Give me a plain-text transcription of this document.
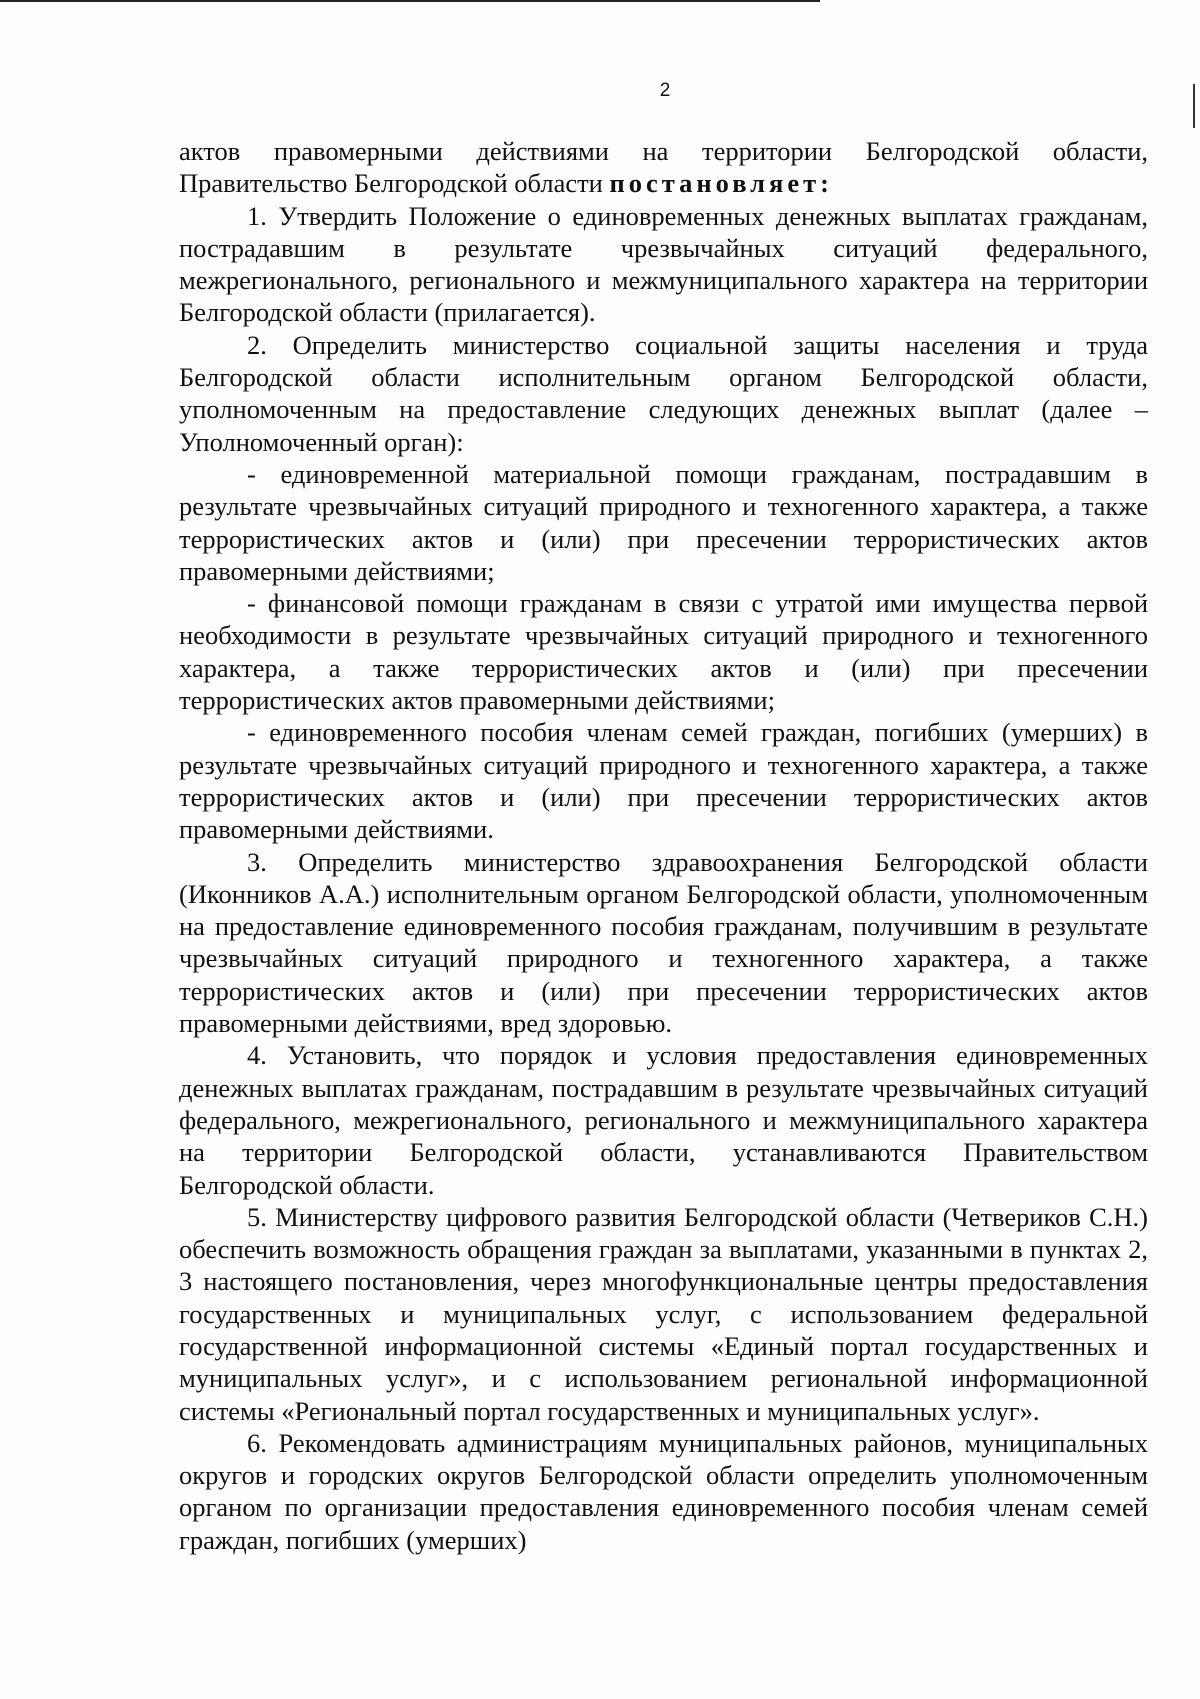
2

актов правомерными действиями на территории Белгородской области, Правительство Белгородской области постановляет:

1. Утвердить Положение о единовременных денежных выплатах гражданам, пострадавшим в результате чрезвычайных ситуаций федерального, межрегионального, регионального и межмуниципального характера на территории Белгородской области (прилагается).

2. Определить министерство социальной защиты населения и труда Белгородской области исполнительным органом Белгородской области, уполномоченным на предоставление следующих денежных выплат (далее – Уполномоченный орган):

- единовременной материальной помощи гражданам, пострадавшим в результате чрезвычайных ситуаций природного и техногенного характера, а также террористических актов и (или) при пресечении террористических актов правомерными действиями;

- финансовой помощи гражданам в связи с утратой ими имущества первой необходимости в результате чрезвычайных ситуаций природного и техногенного характера, а также террористических актов и (или) при пресечении террористических актов правомерными действиями;

- единовременного пособия членам семей граждан, погибших (умерших) в результате чрезвычайных ситуаций природного и техногенного характера, а также террористических актов и (или) при пресечении террористических актов правомерными действиями.

3. Определить министерство здравоохранения Белгородской области (Иконников А.А.) исполнительным органом Белгородской области, уполномоченным на предоставление единовременного пособия гражданам, получившим в результате чрезвычайных ситуаций природного и техногенного характера, а также террористических актов и (или) при пресечении террористических актов правомерными действиями, вред здоровью.

4. Установить, что порядок и условия предоставления единовременных денежных выплатах гражданам, пострадавшим в результате чрезвычайных ситуаций федерального, межрегионального, регионального и межмуниципального характера на территории Белгородской области, устанавливаются Правительством Белгородской области.

5. Министерству цифрового развития Белгородской области (Четвериков С.Н.) обеспечить возможность обращения граждан за выплатами, указанными в пунктах 2, 3 настоящего постановления, через многофункциональные центры предоставления государственных и муниципальных услуг, с использованием федеральной государственной информационной системы «Единый портал государственных и муниципальных услуг», и с использованием региональной информационной системы «Региональный портал государственных и муниципальных услуг».

6. Рекомендовать администрациям муниципальных районов, муниципальных округов и городских округов Белгородской области определить уполномоченным органом по организации предоставления единовременного пособия членам семей граждан, погибших (умерших)
